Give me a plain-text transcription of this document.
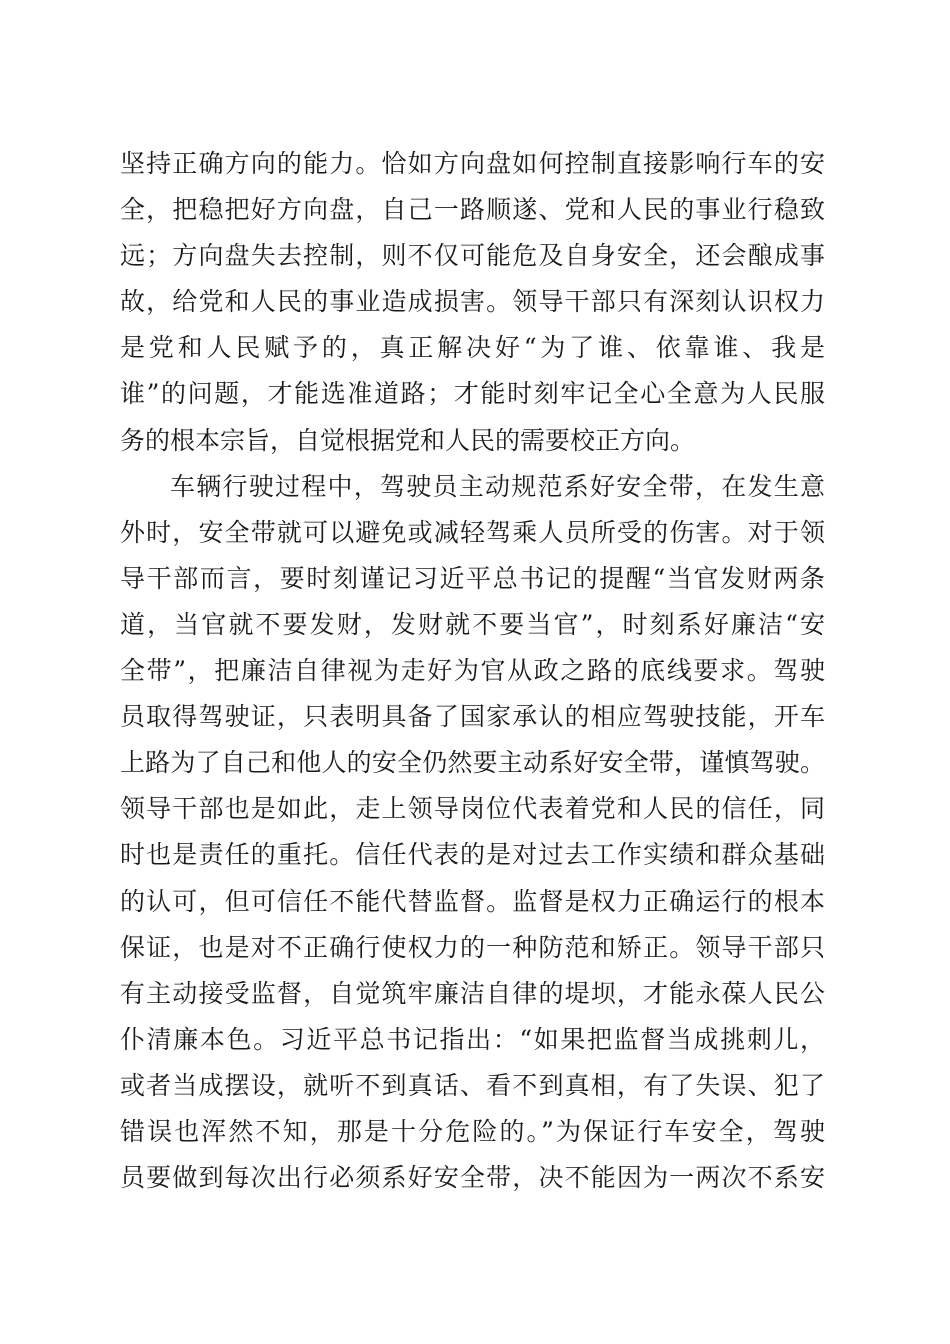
坚持正确方向的能力。恰如方向盘如何控制直接影响行车的安
全，把稳把好方向盘，自己一路顺遂、党和人民的事业行稳致
远；方向盘失去控制，则不仅可能危及自身安全，还会酿成事
故，给党和人民的事业造成损害。领导干部只有深刻认识权力
是党和人民赋予的，真正解决好“为了谁、依靠谁、我是
谁”的问题，才能选准道路；才能时刻牢记全心全意为人民服
务的根本宗旨，自觉根据党和人民的需要校正方向。
车辆行驶过程中，驾驶员主动规范系好安全带，在发生意
外时，安全带就可以避免或减轻驾乘人员所受的伤害。对于领
导干部而言，要时刻谨记习近平总书记的提醒“当官发财两条
道，当官就不要发财，发财就不要当官”，时刻系好廉洁“安
全带”，把廉洁自律视为走好为官从政之路的底线要求。驾驶
员取得驾驶证，只表明具备了国家承认的相应驾驶技能，开车
上路为了自己和他人的安全仍然要主动系好安全带，谨慎驾驶。
领导干部也是如此，走上领导岗位代表着党和人民的信任，同
时也是责任的重托。信任代表的是对过去工作实绩和群众基础
的认可，但可信任不能代替监督。监督是权力正确运行的根本
保证，也是对不正确行使权力的一种防范和矫正。领导干部只
有主动接受监督，自觉筑牢廉洁自律的堤坝，才能永葆人民公
仆清廉本色。习近平总书记指出：“如果把监督当成挑刺儿，
或者当成摆设，就听不到真话、看不到真相，有了失误、犯了
错误也浑然不知，那是十分危险的。”为保证行车安全，驾驶
员要做到每次出行必须系好安全带，决不能因为一两次不系安
